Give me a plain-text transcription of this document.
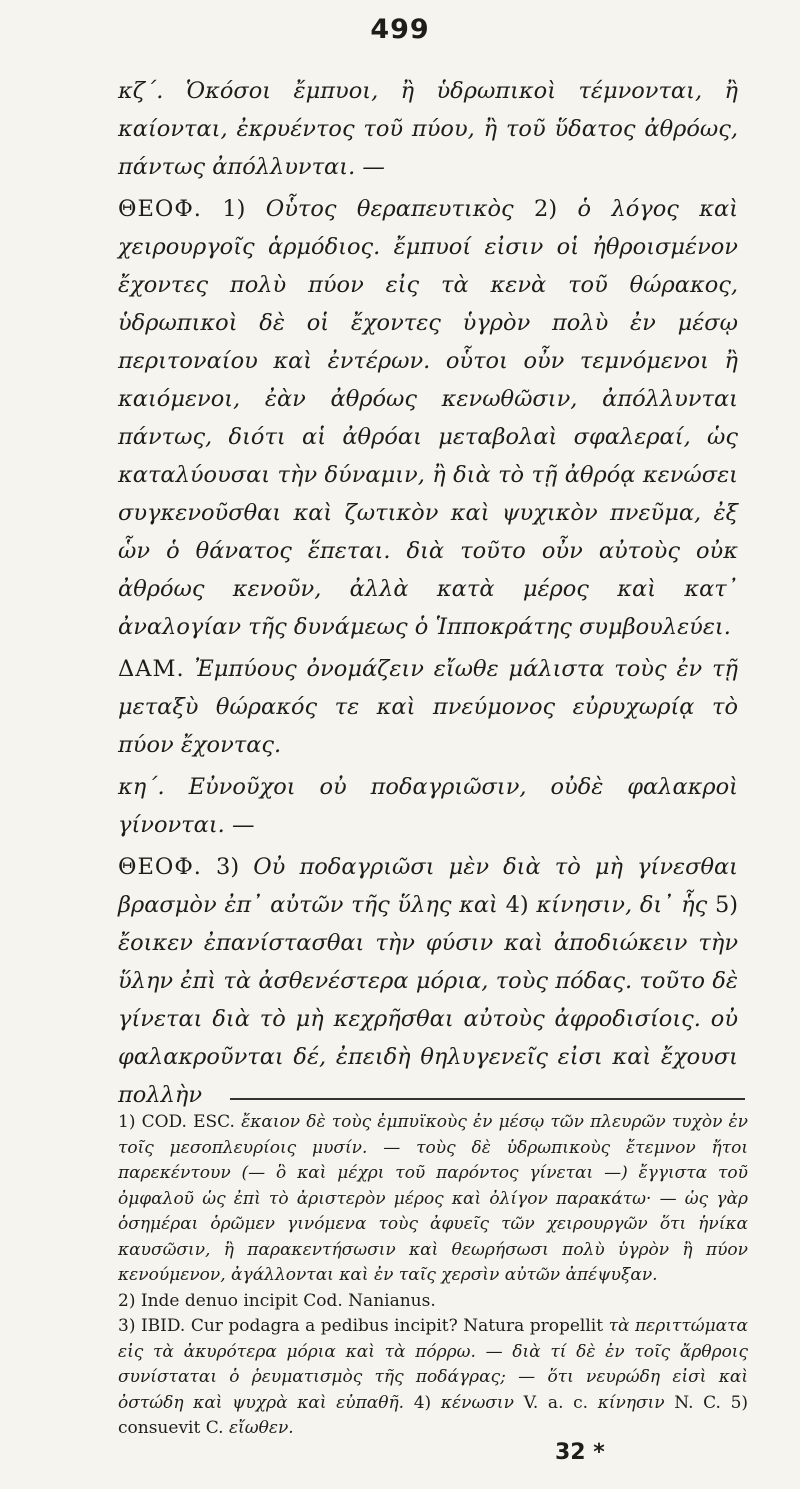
499

κζ΄. Ὁκόσοι ἔμπυοι, ἢ ὑδρωπικοὶ τέμνονται, ἢ καίονται, ἐκρυέντος τοῦ πύου, ἢ τοῦ ὕδατος ἀθρόως, πάντως ἀπόλλυνται. —

ΘΕΟΦ. 1) Οὗτος θεραπευτικὸς 2) ὁ λόγος καὶ χειρουργοῖς ἁρμόδιος. ἔμπυοί εἰσιν οἱ ἠθροισμένον ἔχοντες πολὺ πύον εἰς τὰ κενὰ τοῦ θώρακος, ὑδρωπικοὶ δὲ οἱ ἔχοντες ὑγρὸν πολὺ ἐν μέσῳ περιτοναίου καὶ ἐντέρων. οὗτοι οὖν τεμνόμενοι ἢ καιόμενοι, ἐὰν ἀθρόως κενωθῶσιν, ἀπόλλυνται πάντως, διότι αἱ ἀθρόαι μεταβολαὶ σφαλεραί, ὡς καταλύουσαι τὴν δύναμιν, ἢ διὰ τὸ τῇ ἀθρόᾳ κενώσει συγκενοῦσθαι καὶ ζωτικὸν καὶ ψυχικὸν πνεῦμα, ἐξ ὧν ὁ θάνατος ἕπεται. διὰ τοῦτο οὖν αὐτοὺς οὐκ ἀθρόως κενοῦν, ἀλλὰ κατὰ μέρος καὶ κατ᾽ ἀναλογίαν τῆς δυνάμεως ὁ Ἱπποκράτης συμβουλεύει.

ΔΑΜ. Ἐμπύους ὀνομάζειν εἴωθε μάλιστα τοὺς ἐν τῇ μεταξὺ θώρακός τε καὶ πνεύμονος εὐρυχωρίᾳ τὸ πύον ἔχοντας.

κη΄. Εὐνοῦχοι οὐ ποδαγριῶσιν, οὐδὲ φαλακροὶ γίνονται. —

ΘΕΟΦ. 3) Οὐ ποδαγριῶσι μὲν διὰ τὸ μὴ γίνεσθαι βρασμὸν ἐπ᾽ αὐτῶν τῆς ὕλης καὶ 4) κίνησιν, δι᾽ ἧς 5) ἔοικεν ἐπανίστασθαι τὴν φύσιν καὶ ἀποδιώκειν τὴν ὕλην ἐπὶ τὰ ἀσθενέστερα μόρια, τοὺς πόδας. τοῦτο δὲ γίνεται διὰ τὸ μὴ κεχρῆσθαι αὐτοὺς ἀφροδισίοις. οὐ φαλακροῦνται δέ, ἐπειδὴ θηλυγενεῖς εἰσι καὶ ἔχουσι πολλὴν

1) COD. ESC. ἔκαιον δὲ τοὺς ἐμπυϊκοὺς ἐν μέσῳ τῶν πλευρῶν τυχὸν ἐν τοῖς μεσοπλευρίοις μυσίν. — τοὺς δὲ ὑδρωπικοὺς ἔτεμνον ἤτοι παρεκέντουν (— ὃ καὶ μέχρι τοῦ παρόντος γίνεται —) ἔγγιστα τοῦ ὀμφαλοῦ ὡς ἐπὶ τὸ ἀριστερὸν μέρος καὶ ὀλίγον παρακάτω· — ὡς γὰρ ὁσημέραι ὁρῶμεν γινόμενα τοὺς ἀφυεῖς τῶν χειρουργῶν ὅτι ἡνίκα καυσῶσιν, ἢ παρακεντήσωσιν καὶ θεωρήσωσι πολὺ ὑγρὸν ἢ πύον κενούμενον, ἀγάλλονται καὶ ἐν ταῖς χερσὶν αὐτῶν ἀπέψυξαν.

2) Inde denuo incipit Cod. Nanianus.

3) IBID. Cur podagra a pedibus incipit? Natura propellit τὰ περιττώματα εἰς τὰ ἀκυρότερα μόρια καὶ τὰ πόρρω. — διὰ τί δὲ ἐν τοῖς ἄρθροις συνίσταται ὁ ῥευματισμὸς τῆς ποδάγρας; — ὅτι νευρώδη εἰσὶ καὶ ὀστώδη καὶ ψυχρὰ καὶ εὐπαθῆ. 4) κένωσιν V. a. c. κίνησιν N. C. 5) consuevit C. εἴωθεν.

32 *
